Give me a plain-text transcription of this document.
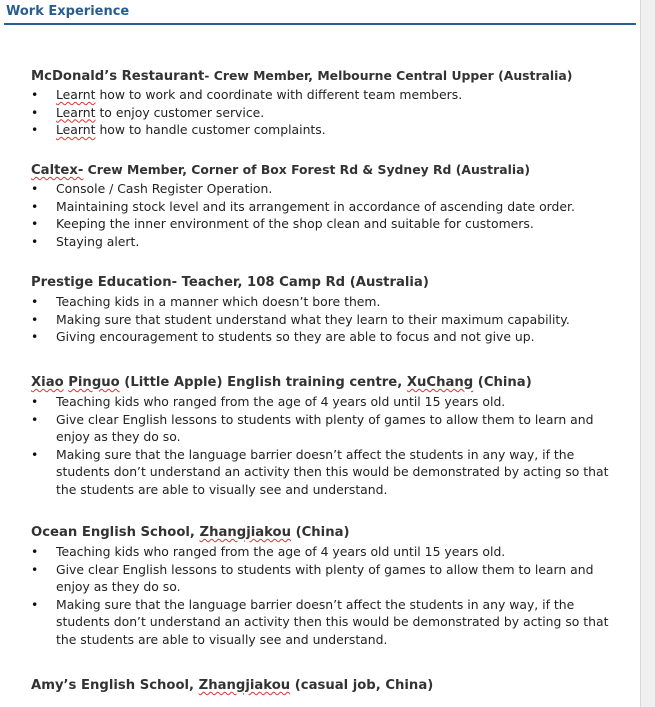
Work Experience
McDonald’s Restaurant- Crew Member, Melbourne Central Upper (Australia)
• Learnt how to work and coordinate with different team members.
• Learnt to enjoy customer service.
• Learnt how to handle customer complaints.
Caltex- Crew Member, Corner of Box Forest Rd & Sydney Rd (Australia)
• Console / Cash Register Operation.
• Maintaining stock level and its arrangement in accordance of ascending date order.
• Keeping the inner environment of the shop clean and suitable for customers.
• Staying alert.
Prestige Education- Teacher, 108 Camp Rd (Australia)
• Teaching kids in a manner which doesn’t bore them.
• Making sure that student understand what they learn to their maximum capability.
• Giving encouragement to students so they are able to focus and not give up.
Xiao Pinguo (Little Apple) English training centre, XuChang (China)
• Teaching kids who ranged from the age of 4 years old until 15 years old.
• Give clear English lessons to students with plenty of games to allow them to learn and enjoy as they do so.
• Making sure that the language barrier doesn’t affect the students in any way, if the students don’t understand an activity then this would be demonstrated by acting so that the students are able to visually see and understand.
Ocean English School, Zhangjiakou (China)
• Teaching kids who ranged from the age of 4 years old until 15 years old.
• Give clear English lessons to students with plenty of games to allow them to learn and enjoy as they do so.
• Making sure that the language barrier doesn’t affect the students in any way, if the students don’t understand an activity then this would be demonstrated by acting so that the students are able to visually see and understand.
Amy’s English School, Zhangjiakou (casual job, China)
